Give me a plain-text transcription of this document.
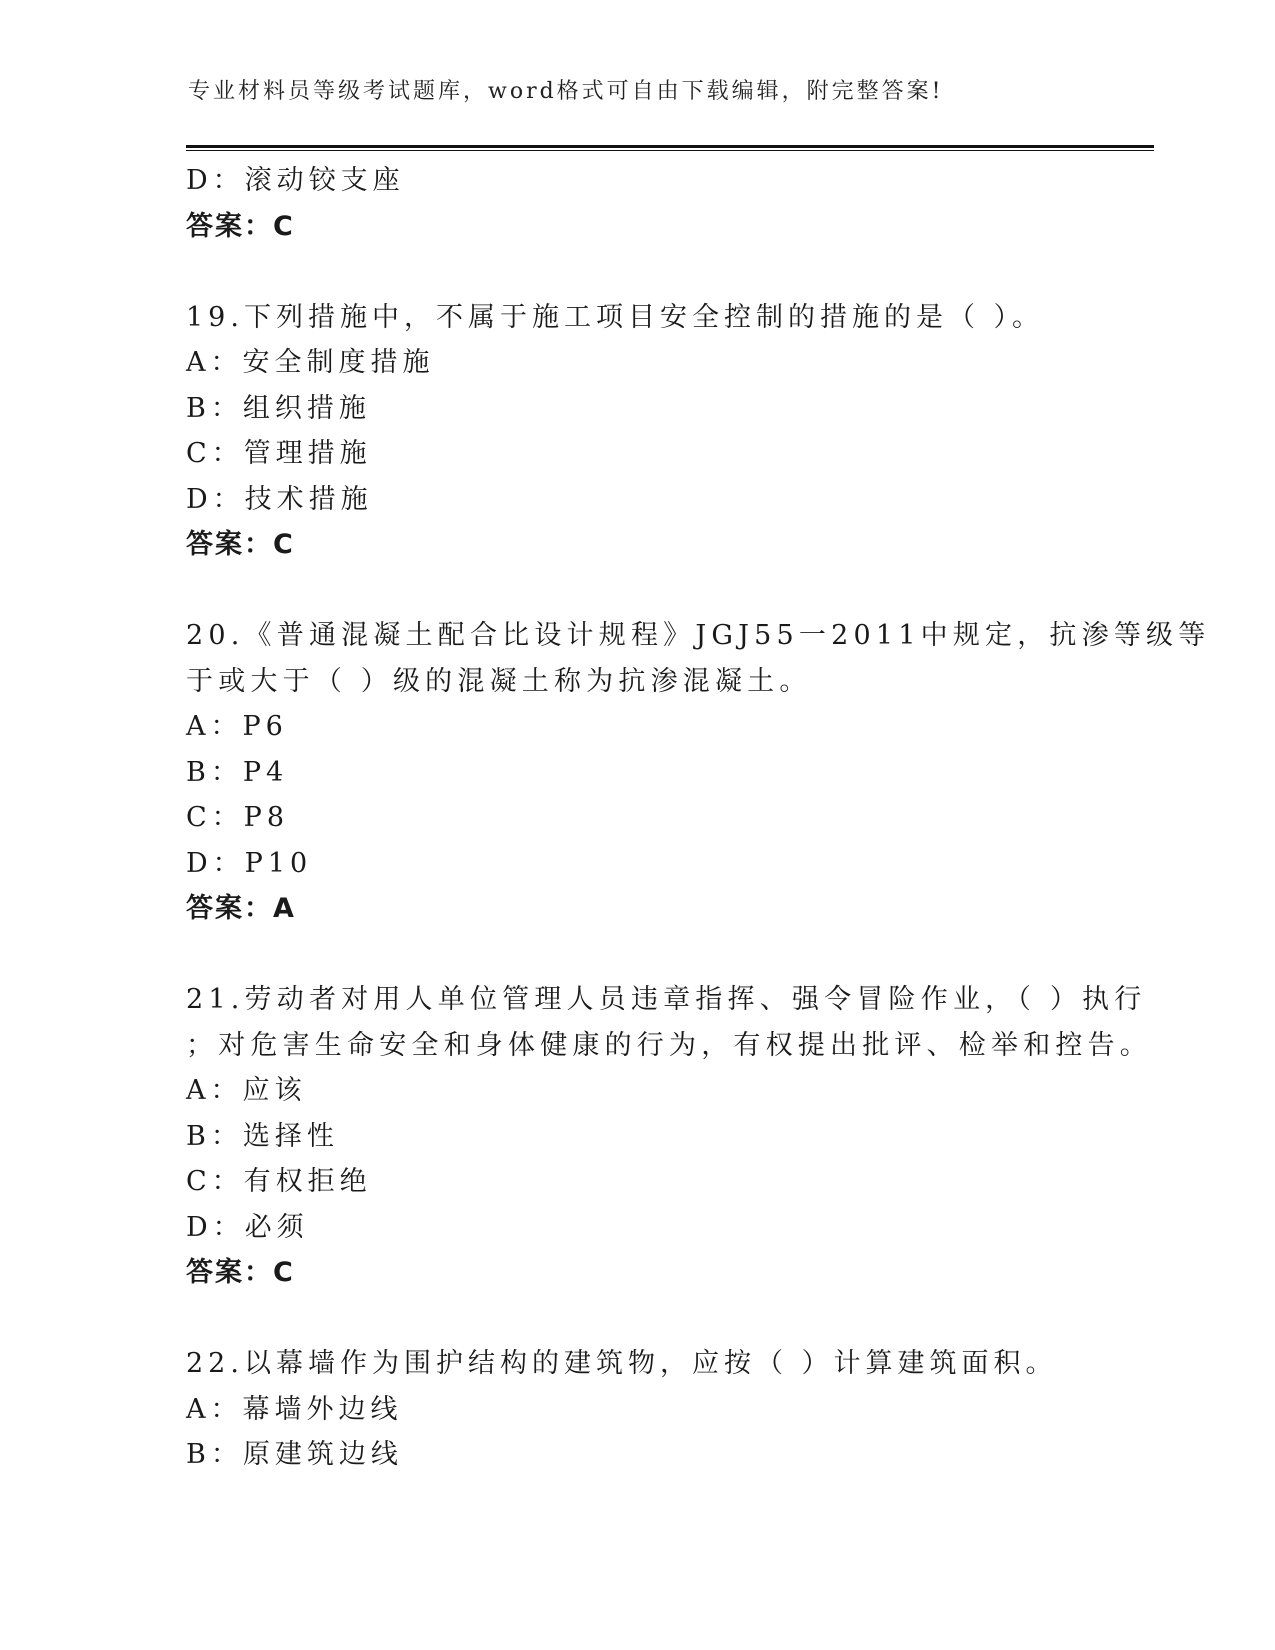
专业材料员等级考试题库，word格式可自由下载编辑，附完整答案!
D：滚动铰支座
答案：C
19.下列措施中，不属于施工项目安全控制的措施的是（ ）。
A：安全制度措施
B：组织措施
C：管理措施
D：技术措施
答案：C
20.《普通混凝土配合比设计规程》JGJ55一2011中规定，抗渗等级等
于或大于（ ）级的混凝土称为抗渗混凝土。
A：P6
B：P4
C：P8
D：P10
答案：A
21.劳动者对用人单位管理人员违章指挥、强令冒险作业，（ ）执行
；对危害生命安全和身体健康的行为，有权提出批评、检举和控告。
A：应该
B：选择性
C：有权拒绝
D：必须
答案：C
22.以幕墙作为围护结构的建筑物，应按（ ）计算建筑面积。
A：幕墙外边线
B：原建筑边线
